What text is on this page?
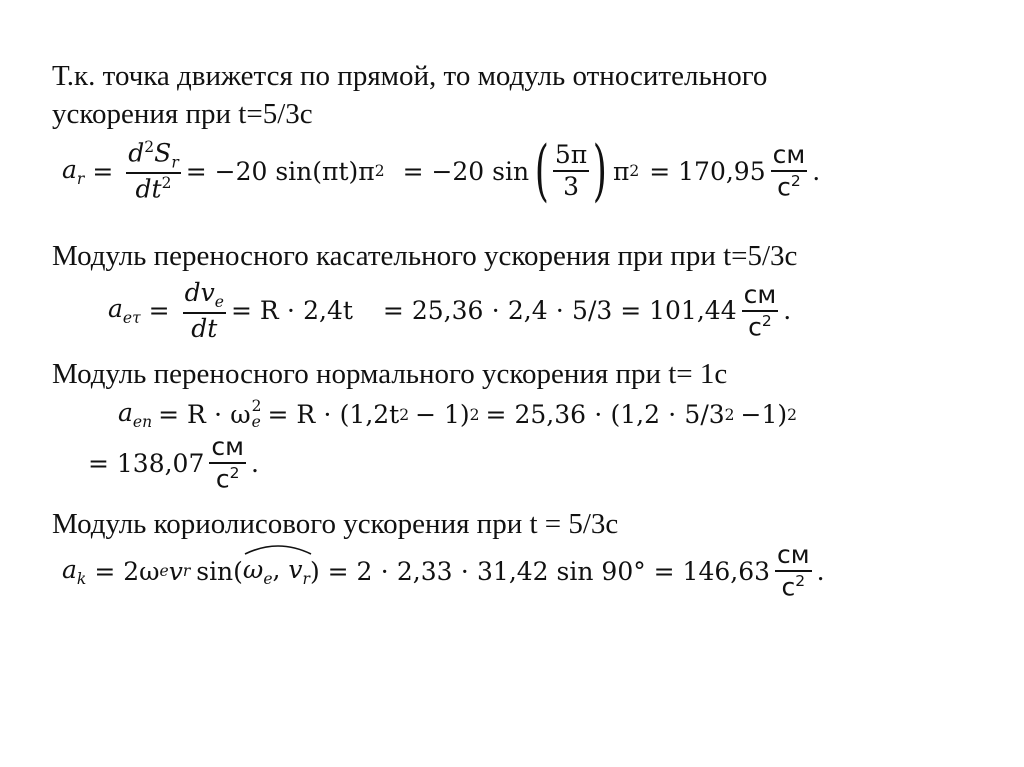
Т.к. точка движется по прямой, то модуль относительного
ускорения при t=5/3с
Модуль переносного касательного ускорения при при t=5/3с
Модуль переносного нормального ускорения при t= 1с
Модуль кориолисового ускорения при t = 5/3с
$a_r = \frac{d^2S_r}{dt^2} = -20$ sin(πt)π 2 = −20 sin ( 5π
3 ) π 2 = 170,95
см
$с^2$ .
$a_{e\tau}$ =
$dv_e$
dt
= R ⋅ 2,4t = 25,36 ⋅ 2,4 ⋅ 5/3 = 101,44
см
$с^2$ .
$a_{en} = R \cdot \omega$ 2
e = R ⋅ (1,2t 2 − 1) 2 = 25,36 ⋅ (1,2 ⋅ 5/3 2 −1) 2
= 138,07
см
$с^2$ .
$a_k = 2\omega$ e v r sin( $\omega_e$, $v_r$ ) = 2 ⋅ 2,33 ⋅ 31,42 sin 90° = 146,63
см
$с^2$ .
